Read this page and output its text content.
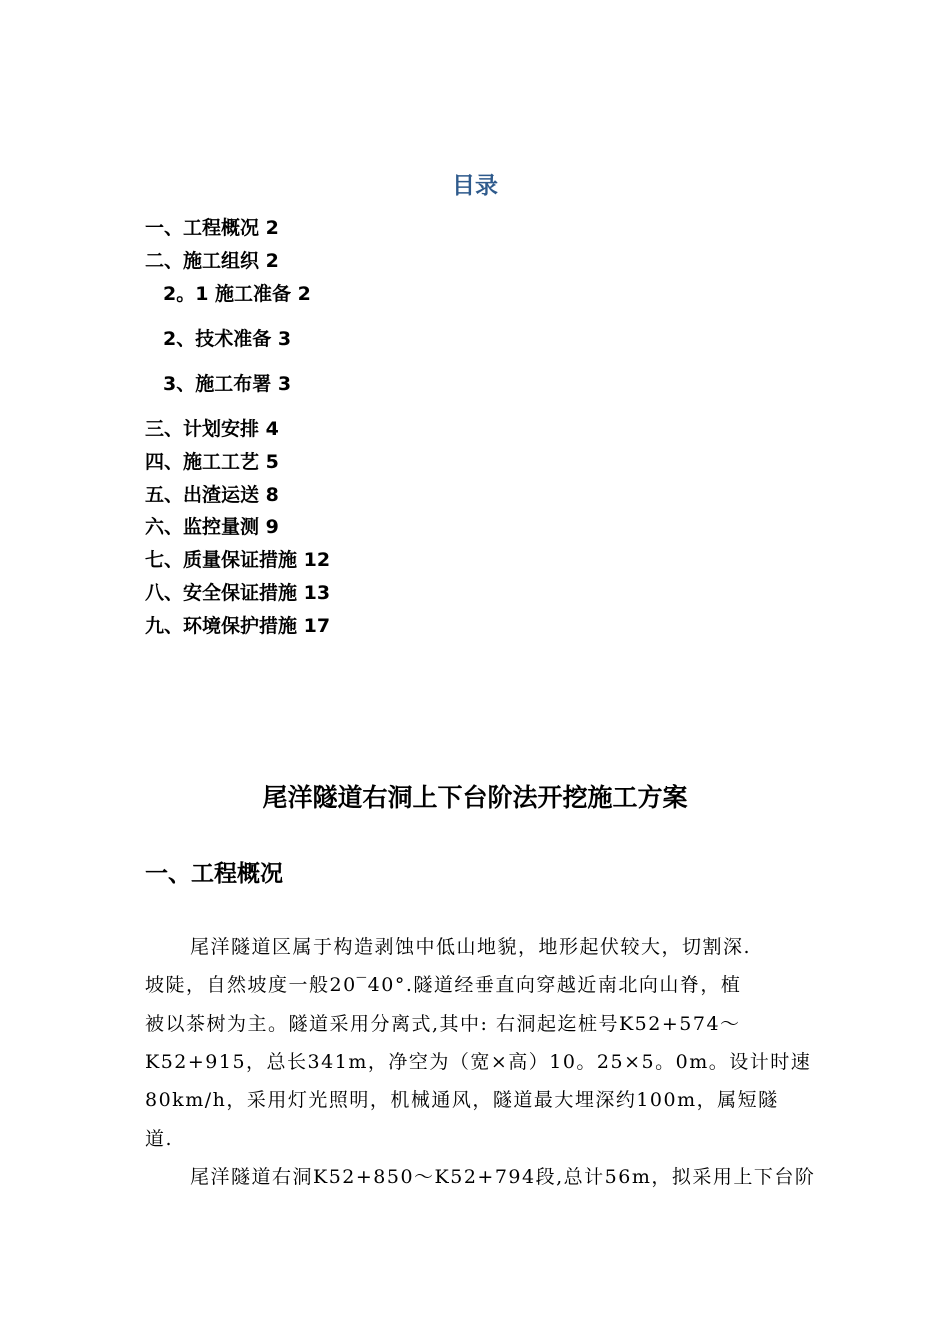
目录
一、工程概况 2
二、施工组织 2
2。1 施工准备 2
2、技术准备 3
3、施工布署 3
三、计划安排 4
四、施工工艺 5
五、出渣运送 8
六、监控量测 9
七、质量保证措施 12
八、安全保证措施 13
九、环境保护措施 17
尾洋隧道右洞上下台阶法开挖施工方案
一、工程概况
尾洋隧道区属于构造剥蚀中低山地貌，地形起伏较大，切割深.
坡陡，自然坡度一般20‾40°.隧道经垂直向穿越近南北向山脊，植
被以茶树为主。隧道采用分离式,其中: 右洞起迄桩号K52+574～
K52+915，总长341m，净空为（宽×高）10。25×5。0m。设计时速
80km/h，采用灯光照明，机械通风，隧道最大埋深约100m，属短隧
道.
尾洋隧道右洞K52+850～K52+794段,总计56m，拟采用上下台阶
